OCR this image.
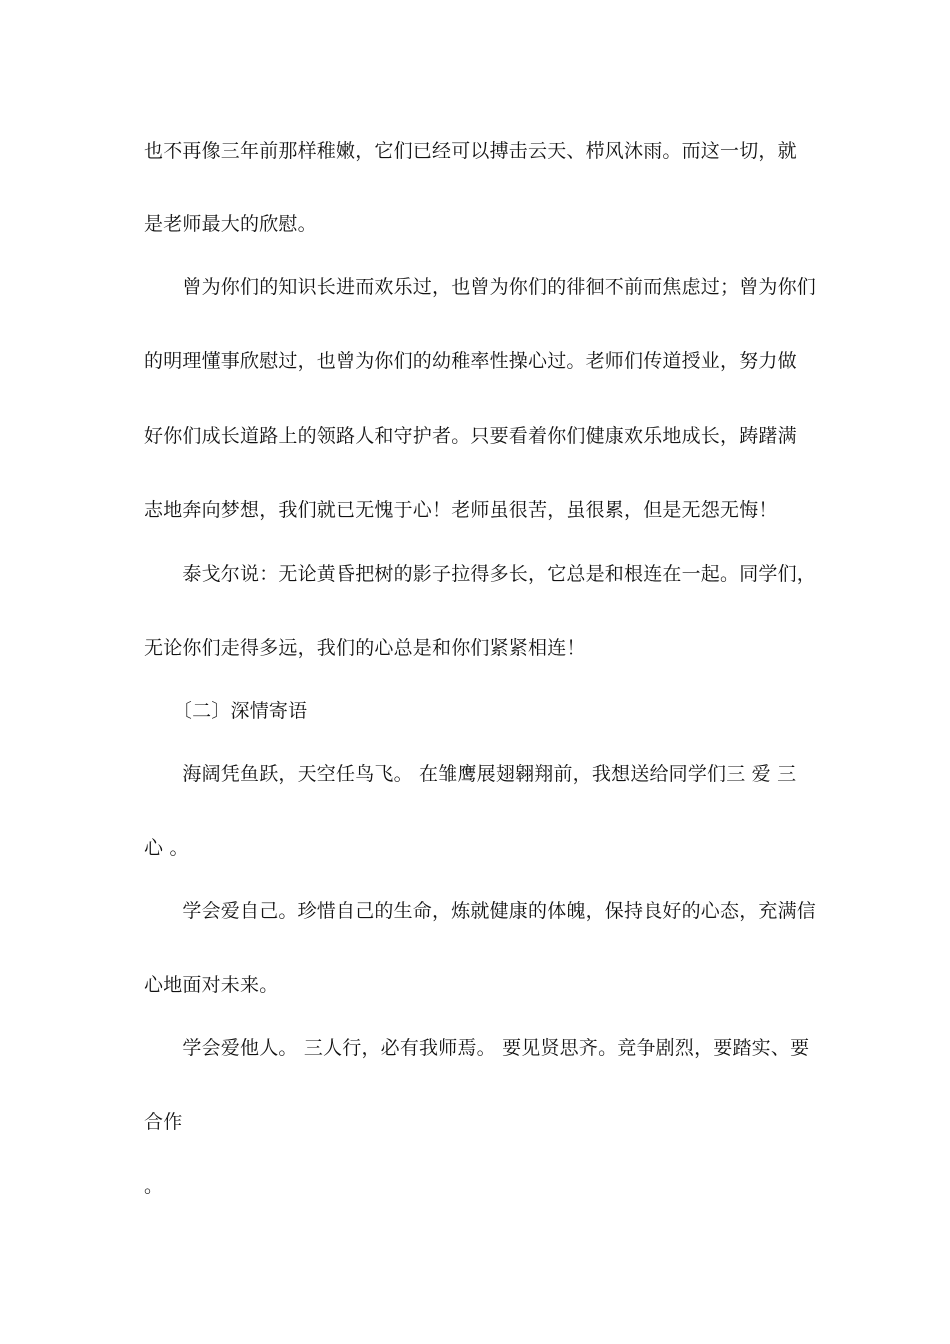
也不再像三年前那样稚嫩，它们已经可以搏击云天、栉风沐雨。而这一切，就
是老师最大的欣慰。
　　曾为你们的知识长进而欢乐过，也曾为你们的徘徊不前而焦虑过；曾为你们
的明理懂事欣慰过，也曾为你们的幼稚率性操心过。老师们传道授业，努力做
好你们成长道路上的领路人和守护者。只要看着你们健康欢乐地成长，踌躇满
志地奔向梦想，我们就已无愧于心！老师虽很苦，虽很累，但是无怨无悔！
　　泰戈尔说：无论黄昏把树的影子拉得多长，它总是和根连在一起。同学们，
无论你们走得多远，我们的心总是和你们紧紧相连！
　　〔二〕深情寄语
　　海阔凭鱼跃，天空任鸟飞。 在雏鹰展翅翱翔前，我想送给同学们三 爱 三
心 。
　　学会爱自己。珍惜自己的生命，炼就健康的体魄，保持良好的心态，充满信
心地面对未来。
　　学会爱他人。 三人行，必有我师焉。 要见贤思齐。竞争剧烈，要踏实、要
合作
。
